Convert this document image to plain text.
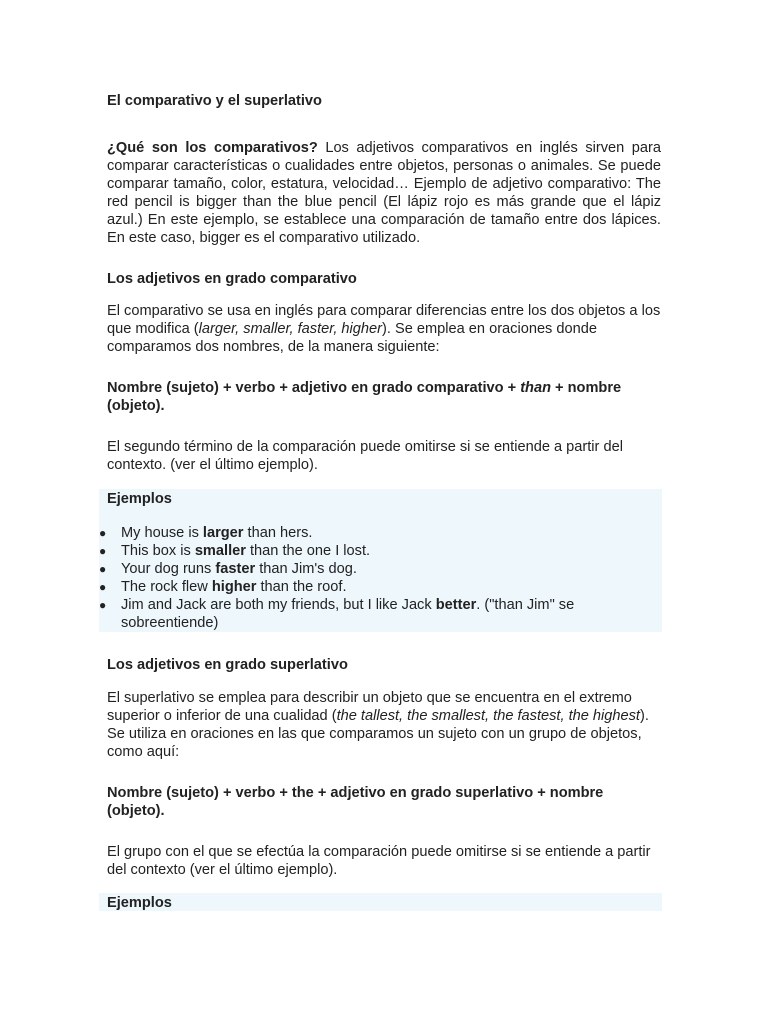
El comparativo y el superlativo
¿Qué son los comparativos? Los adjetivos comparativos en inglés sirven para comparar características o cualidades entre objetos, personas o animales. Se puede comparar tamaño, color, estatura, velocidad… Ejemplo de adjetivo comparativo: The red pencil is bigger than the blue pencil (El lápiz rojo es más grande que el lápiz azul.) En este ejemplo, se establece una comparación de tamaño entre dos lápices. En este caso, bigger es el comparativo utilizado.
Los adjetivos en grado comparativo
El comparativo se usa en inglés para comparar diferencias entre los dos objetos a los que modifica (larger, smaller, faster, higher). Se emplea en oraciones donde comparamos dos nombres, de la manera siguiente:
Nombre (sujeto) + verbo + adjetivo en grado comparativo + than + nombre (objeto).
El segundo término de la comparación puede omitirse si se entiende a partir del contexto. (ver el último ejemplo).
Ejemplos
● My house is larger than hers.
● This box is smaller than the one I lost.
● Your dog runs faster than Jim's dog.
● The rock flew higher than the roof.
● Jim and Jack are both my friends, but I like Jack better. ("than Jim" se sobreentiende)
Los adjetivos en grado superlativo
El superlativo se emplea para describir un objeto que se encuentra en el extremo superior o inferior de una cualidad (the tallest, the smallest, the fastest, the highest). Se utiliza en oraciones en las que comparamos un sujeto con un grupo de objetos, como aquí:
Nombre (sujeto) + verbo + the + adjetivo en grado superlativo + nombre (objeto).
El grupo con el que se efectúa la comparación puede omitirse si se entiende a partir del contexto (ver el último ejemplo).
Ejemplos
